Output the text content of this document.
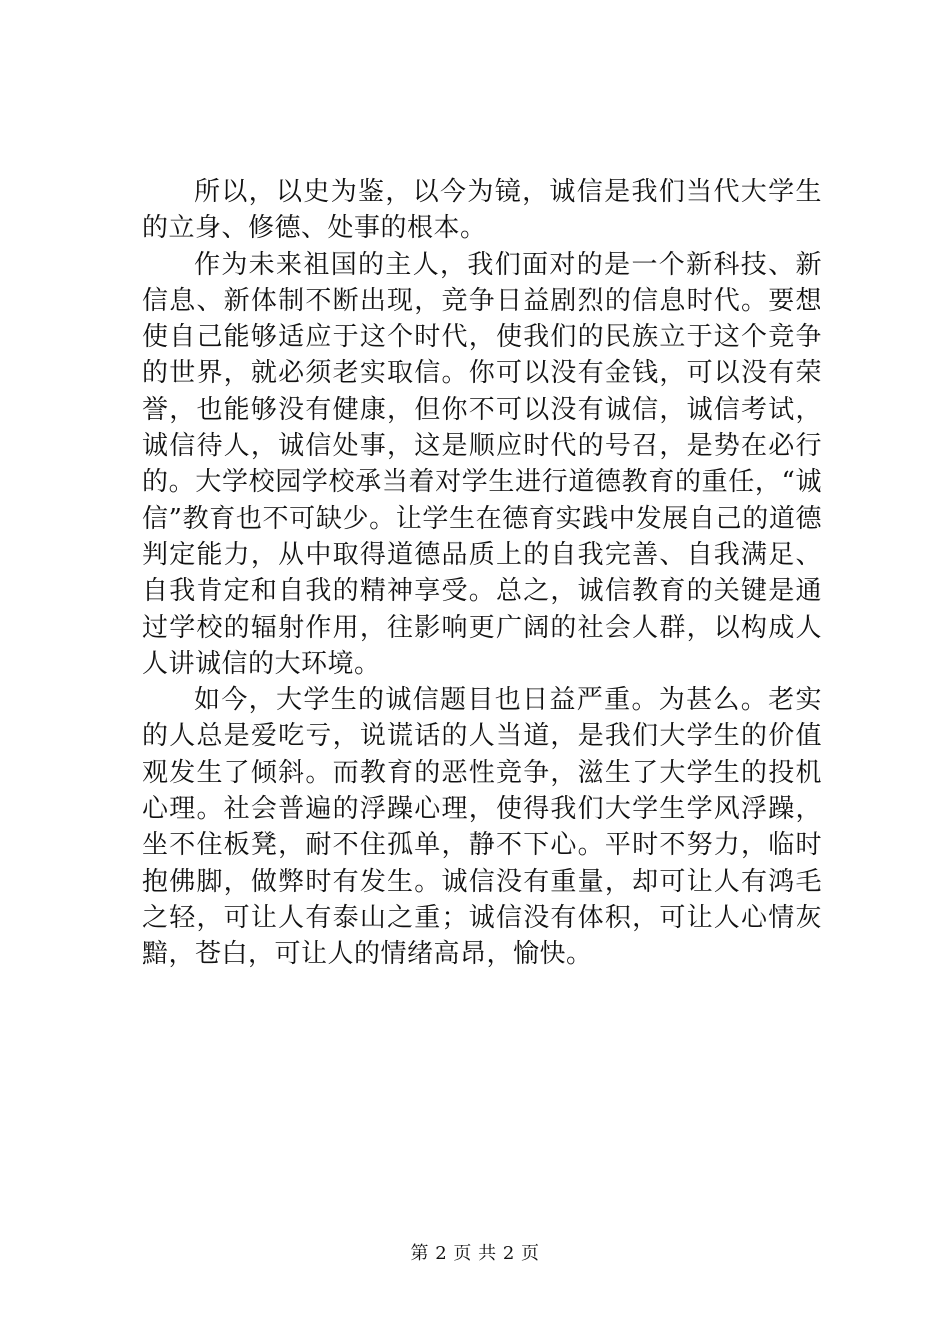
所以，以史为鉴，以今为镜，诚信是我们当代大学生的立身、修德、处事的根本。

作为未来祖国的主人，我们面对的是一个新科技、新信息、新体制不断出现，竞争日益剧烈的信息时代。要想使自己能够适应于这个时代，使我们的民族立于这个竞争的世界，就必须老实取信。你可以没有金钱，可以没有荣誉，也能够没有健康，但你不可以没有诚信，诚信考试，诚信待人，诚信处事，这是顺应时代的号召，是势在必行的。大学校园学校承当着对学生进行道德教育的重任，“诚信”教育也不可缺少。让学生在德育实践中发展自己的道德判定能力，从中取得道德品质上的自我完善、自我满足、自我肯定和自我的精神享受。总之，诚信教育的关键是通过学校的辐射作用，往影响更广阔的社会人群，以构成人人讲诚信的大环境。

如今，大学生的诚信题目也日益严重。为甚么。老实的人总是爱吃亏，说谎话的人当道，是我们大学生的价值观发生了倾斜。而教育的恶性竞争，滋生了大学生的投机心理。社会普遍的浮躁心理，使得我们大学生学风浮躁，坐不住板凳，耐不住孤单，静不下心。平时不努力，临时抱佛脚，做弊时有发生。诚信没有重量，却可让人有鸿毛之轻，可让人有泰山之重；诚信没有体积，可让人心情灰黯，苍白，可让人的情绪高昂，愉快。

第 2 页 共 2 页
